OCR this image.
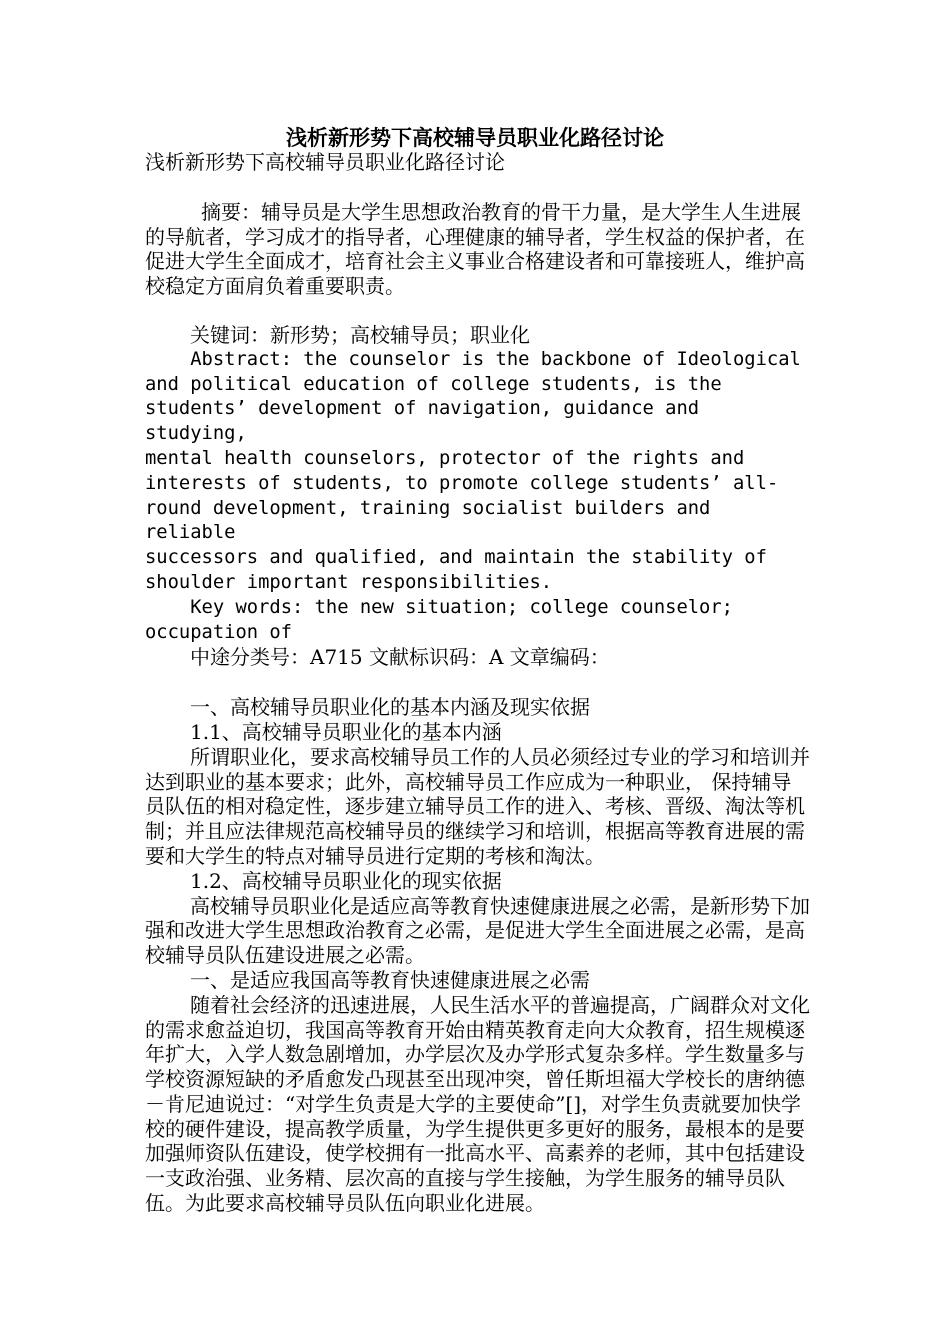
浅析新形势下高校辅导员职业化路径讨论

浅析新形势下高校辅导员职业化路径讨论

摘要：辅导员是大学生思想政治教育的骨干力量，是大学生人生进展的导航者，学习成才的指导者，心理健康的辅导者，学生权益的保护者，在促进大学生全面成才，培育社会主义事业合格建设者和可靠接班人，维护高校稳定方面肩负着重要职责。

关键词：新形势；高校辅导员；职业化

Abstract: the counselor is the backbone of Ideological
and political education of college students, is the
students’ development of navigation, guidance and studying,
mental health counselors, protector of the rights and
interests of students, to promote college students’ all-
round development, training socialist builders and reliable
successors and qualified, and maintain the stability of
shoulder important responsibilities.
Key words: the new situation; college counselor;
occupation of

中途分类号：A715 文献标识码：A 文章编码：

一、高校辅导员职业化的基本内涵及现实依据

1.1、高校辅导员职业化的基本内涵

所谓职业化，要求高校辅导员工作的人员必须经过专业的学习和培训并达到职业的基本要求；此外，高校辅导员工作应成为一种职业， 保持辅导员队伍的相对稳定性，逐步建立辅导员工作的进入、考核、晋级、淘汰等机制；并且应法律规范高校辅导员的继续学习和培训，根据高等教育进展的需要和大学生的特点对辅导员进行定期的考核和淘汰。

1.2、高校辅导员职业化的现实依据

高校辅导员职业化是适应高等教育快速健康进展之必需，是新形势下加强和改进大学生思想政治教育之必需，是促进大学生全面进展之必需，是高校辅导员队伍建设进展之必需。

一、是适应我国高等教育快速健康进展之必需

随着社会经济的迅速进展，人民生活水平的普遍提高，广阔群众对文化的需求愈益迫切，我国高等教育开始由精英教育走向大众教育，招生规模逐年扩大，入学人数急剧增加，办学层次及办学形式复杂多样。学生数量多与学校资源短缺的矛盾愈发凸现甚至出现冲突，曾任斯坦福大学校长的唐纳德－肯尼迪说过：“对学生负责是大学的主要使命”[]，对学生负责就要加快学校的硬件建设，提高教学质量，为学生提供更多更好的服务，最根本的是要加强师资队伍建设，使学校拥有一批高水平、高素养的老师，其中包括建设一支政治强、业务精、层次高的直接与学生接触，为学生服务的辅导员队伍。为此要求高校辅导员队伍向职业化进展。
